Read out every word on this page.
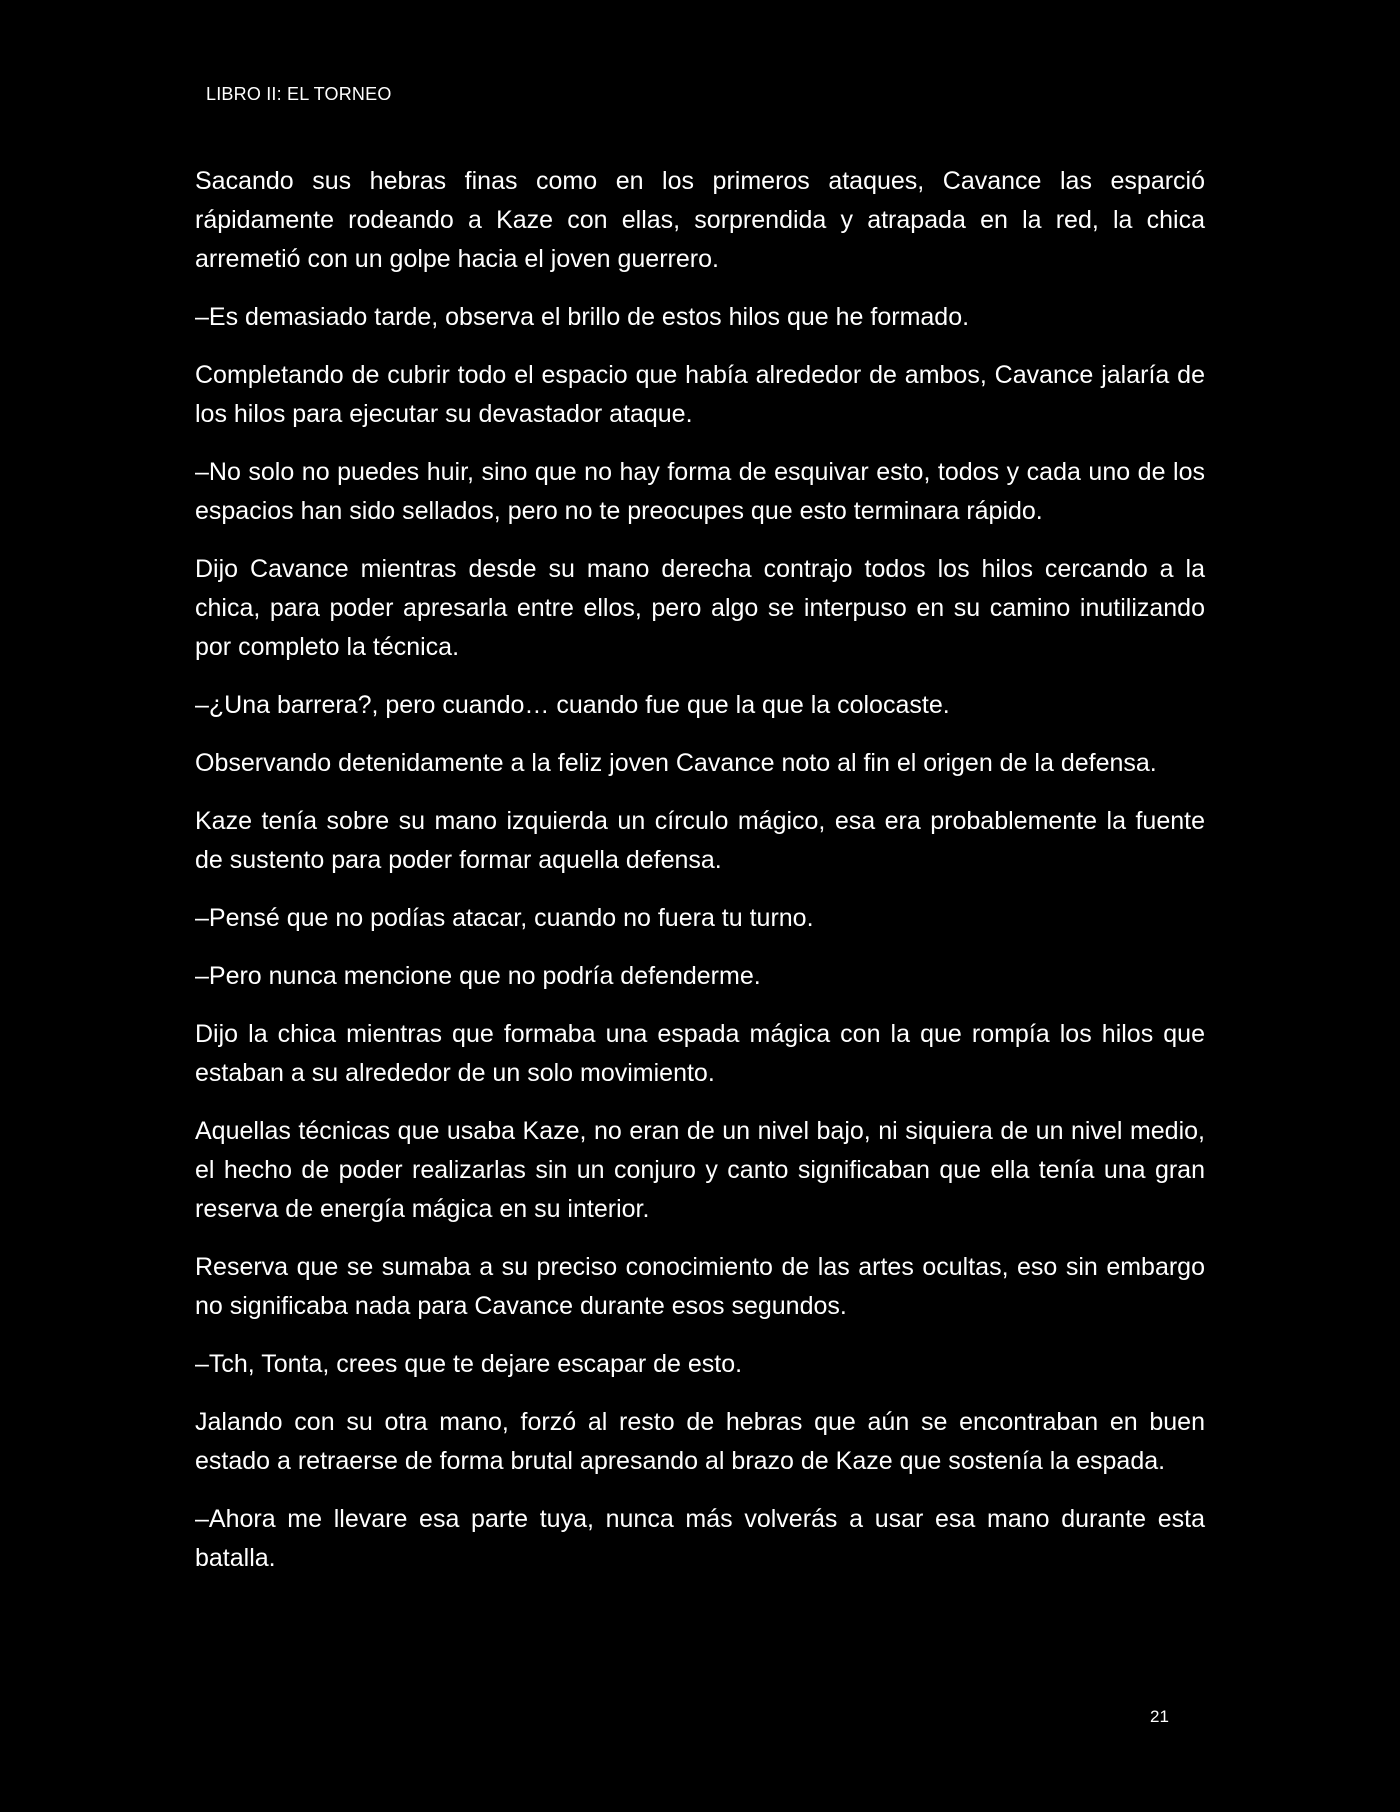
LIBRO II: EL TORNEO

Sacando sus hebras finas como en los primeros ataques, Cavance las esparció rápidamente rodeando a Kaze con ellas, sorprendida y atrapada en la red, la chica arremetió con un golpe hacia el joven guerrero.

–Es demasiado tarde, observa el brillo de estos hilos que he formado.

Completando de cubrir todo el espacio que había alrededor de ambos, Cavance jalaría de los hilos para ejecutar su devastador ataque.

–No solo no puedes huir, sino que no hay forma de esquivar esto, todos y cada uno de los espacios han sido sellados, pero no te preocupes que esto terminara rápido.

Dijo Cavance mientras desde su mano derecha contrajo todos los hilos cercando a la chica, para poder apresarla entre ellos, pero algo se interpuso en su camino inutilizando por completo la técnica.

–¿Una barrera?, pero cuando… cuando fue que la que la colocaste.

Observando detenidamente a la feliz joven Cavance noto al fin el origen de la defensa.

Kaze tenía sobre su mano izquierda un círculo mágico, esa era probablemente la fuente de sustento para poder formar aquella defensa.

–Pensé que no podías atacar, cuando no fuera tu turno.

–Pero nunca mencione que no podría defenderme.

Dijo la chica mientras que formaba una espada mágica con la que rompía los hilos que estaban a su alrededor de un solo movimiento.

Aquellas técnicas que usaba Kaze, no eran de un nivel bajo, ni siquiera de un nivel medio, el hecho de poder realizarlas sin un conjuro y canto significaban que ella tenía una gran reserva de energía mágica en su interior.

Reserva que se sumaba a su preciso conocimiento de las artes ocultas, eso sin embargo no significaba nada para Cavance durante esos segundos.

–Tch, Tonta, crees que te dejare escapar de esto.

Jalando con su otra mano, forzó al resto de hebras que aún se encontraban en buen estado a retraerse de forma brutal apresando al brazo de Kaze que sostenía la espada.

–Ahora me llevare esa parte tuya, nunca más volverás a usar esa mano durante esta batalla.

21
